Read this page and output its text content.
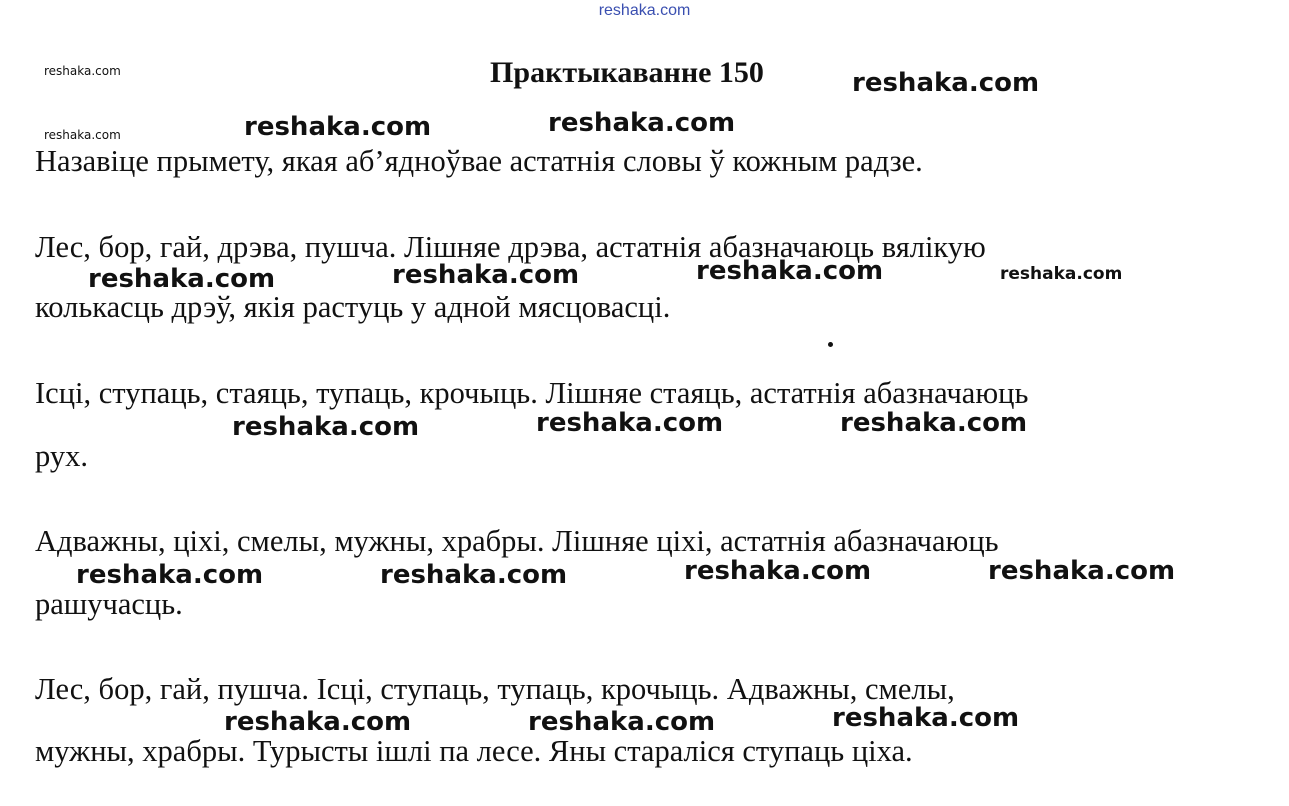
reshaka.com
Практыкаванне 150
Назавіце прымету, якая аб’ядноўвае астатнія словы ў кожным радзе.
Лес, бор, гай, дрэва, пушча. Лішняе дрэва, астатнія абазначаюць вялікую
колькасць дрэў, якія растуць у адной мясцовасці.
Ісці, ступаць, стаяць, тупаць, крочыць. Лішняе стаяць, астатнія абазначаюць
рух.
Адважны, ціхі, смелы, мужны, храбры. Лішняе ціхі, астатнія абазначаюць
рашучасць.
Лес, бор, гай, пушча. Ісці, ступаць, тупаць, крочыць. Адважны, смелы,
мужны, храбры. Турысты ішлі па лесе. Яны стараліся ступаць ціха.
reshaka.com
reshaka.com
reshaka.com
reshaka.com	reshaka.com
reshaka.com	reshaka.com	reshaka.com	reshaka.com
reshaka.com	reshaka.com	reshaka.com
reshaka.com	reshaka.com	reshaka.com	reshaka.com
reshaka.com	reshaka.com	reshaka.com
